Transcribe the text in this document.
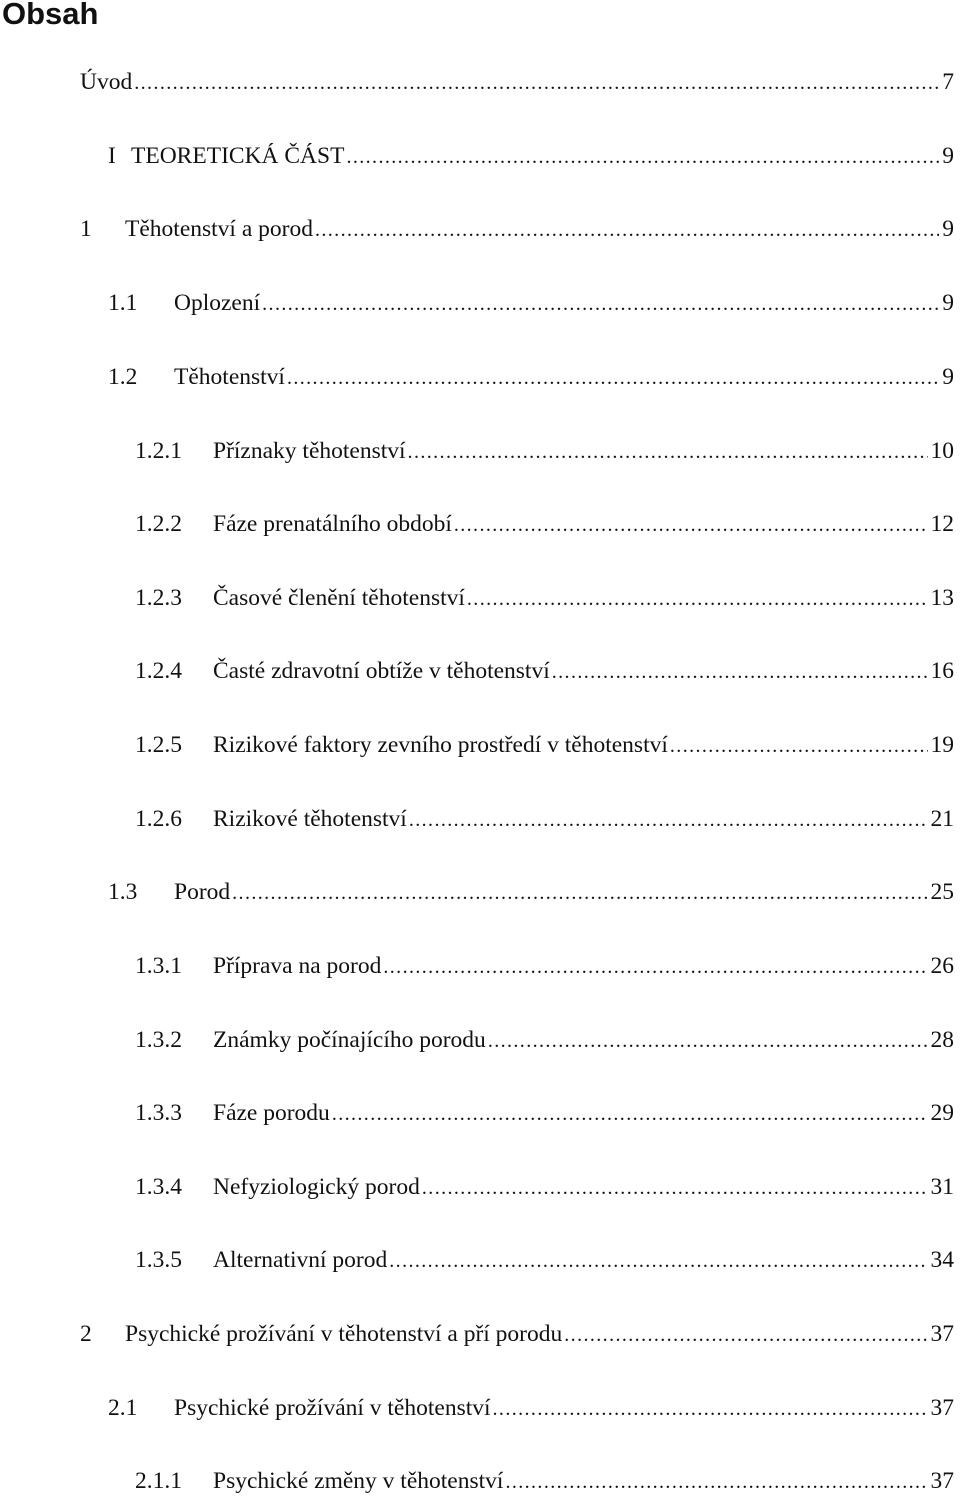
Obsah
Úvod .....	7
I TEORETICKÁ ČÁST .....	9
1	Těhotenství a porod .....	9
1.1	Oplození .....	9
1.2	Těhotenství .....	9
1.2.1	Příznaky těhotenství .....	10
1.2.2	Fáze prenatálního období .....	12
1.2.3	Časové členění těhotenství .....	13
1.2.4	Časté zdravotní obtíže v těhotenství .....	16
1.2.5	Rizikové faktory zevního prostředí v těhotenství .....	19
1.2.6	Rizikové těhotenství .....	21
1.3	Porod .....	25
1.3.1	Příprava na porod .....	26
1.3.2	Známky počínajícího porodu .....	28
1.3.3	Fáze porodu .....	29
1.3.4	Nefyziologický porod .....	31
1.3.5	Alternativní porod .....	34
2	Psychické prožívání v těhotenství a pří porodu .....	37
2.1	Psychické prožívání v těhotenství .....	37
2.1.1	Psychické změny v těhotenství .....	37
